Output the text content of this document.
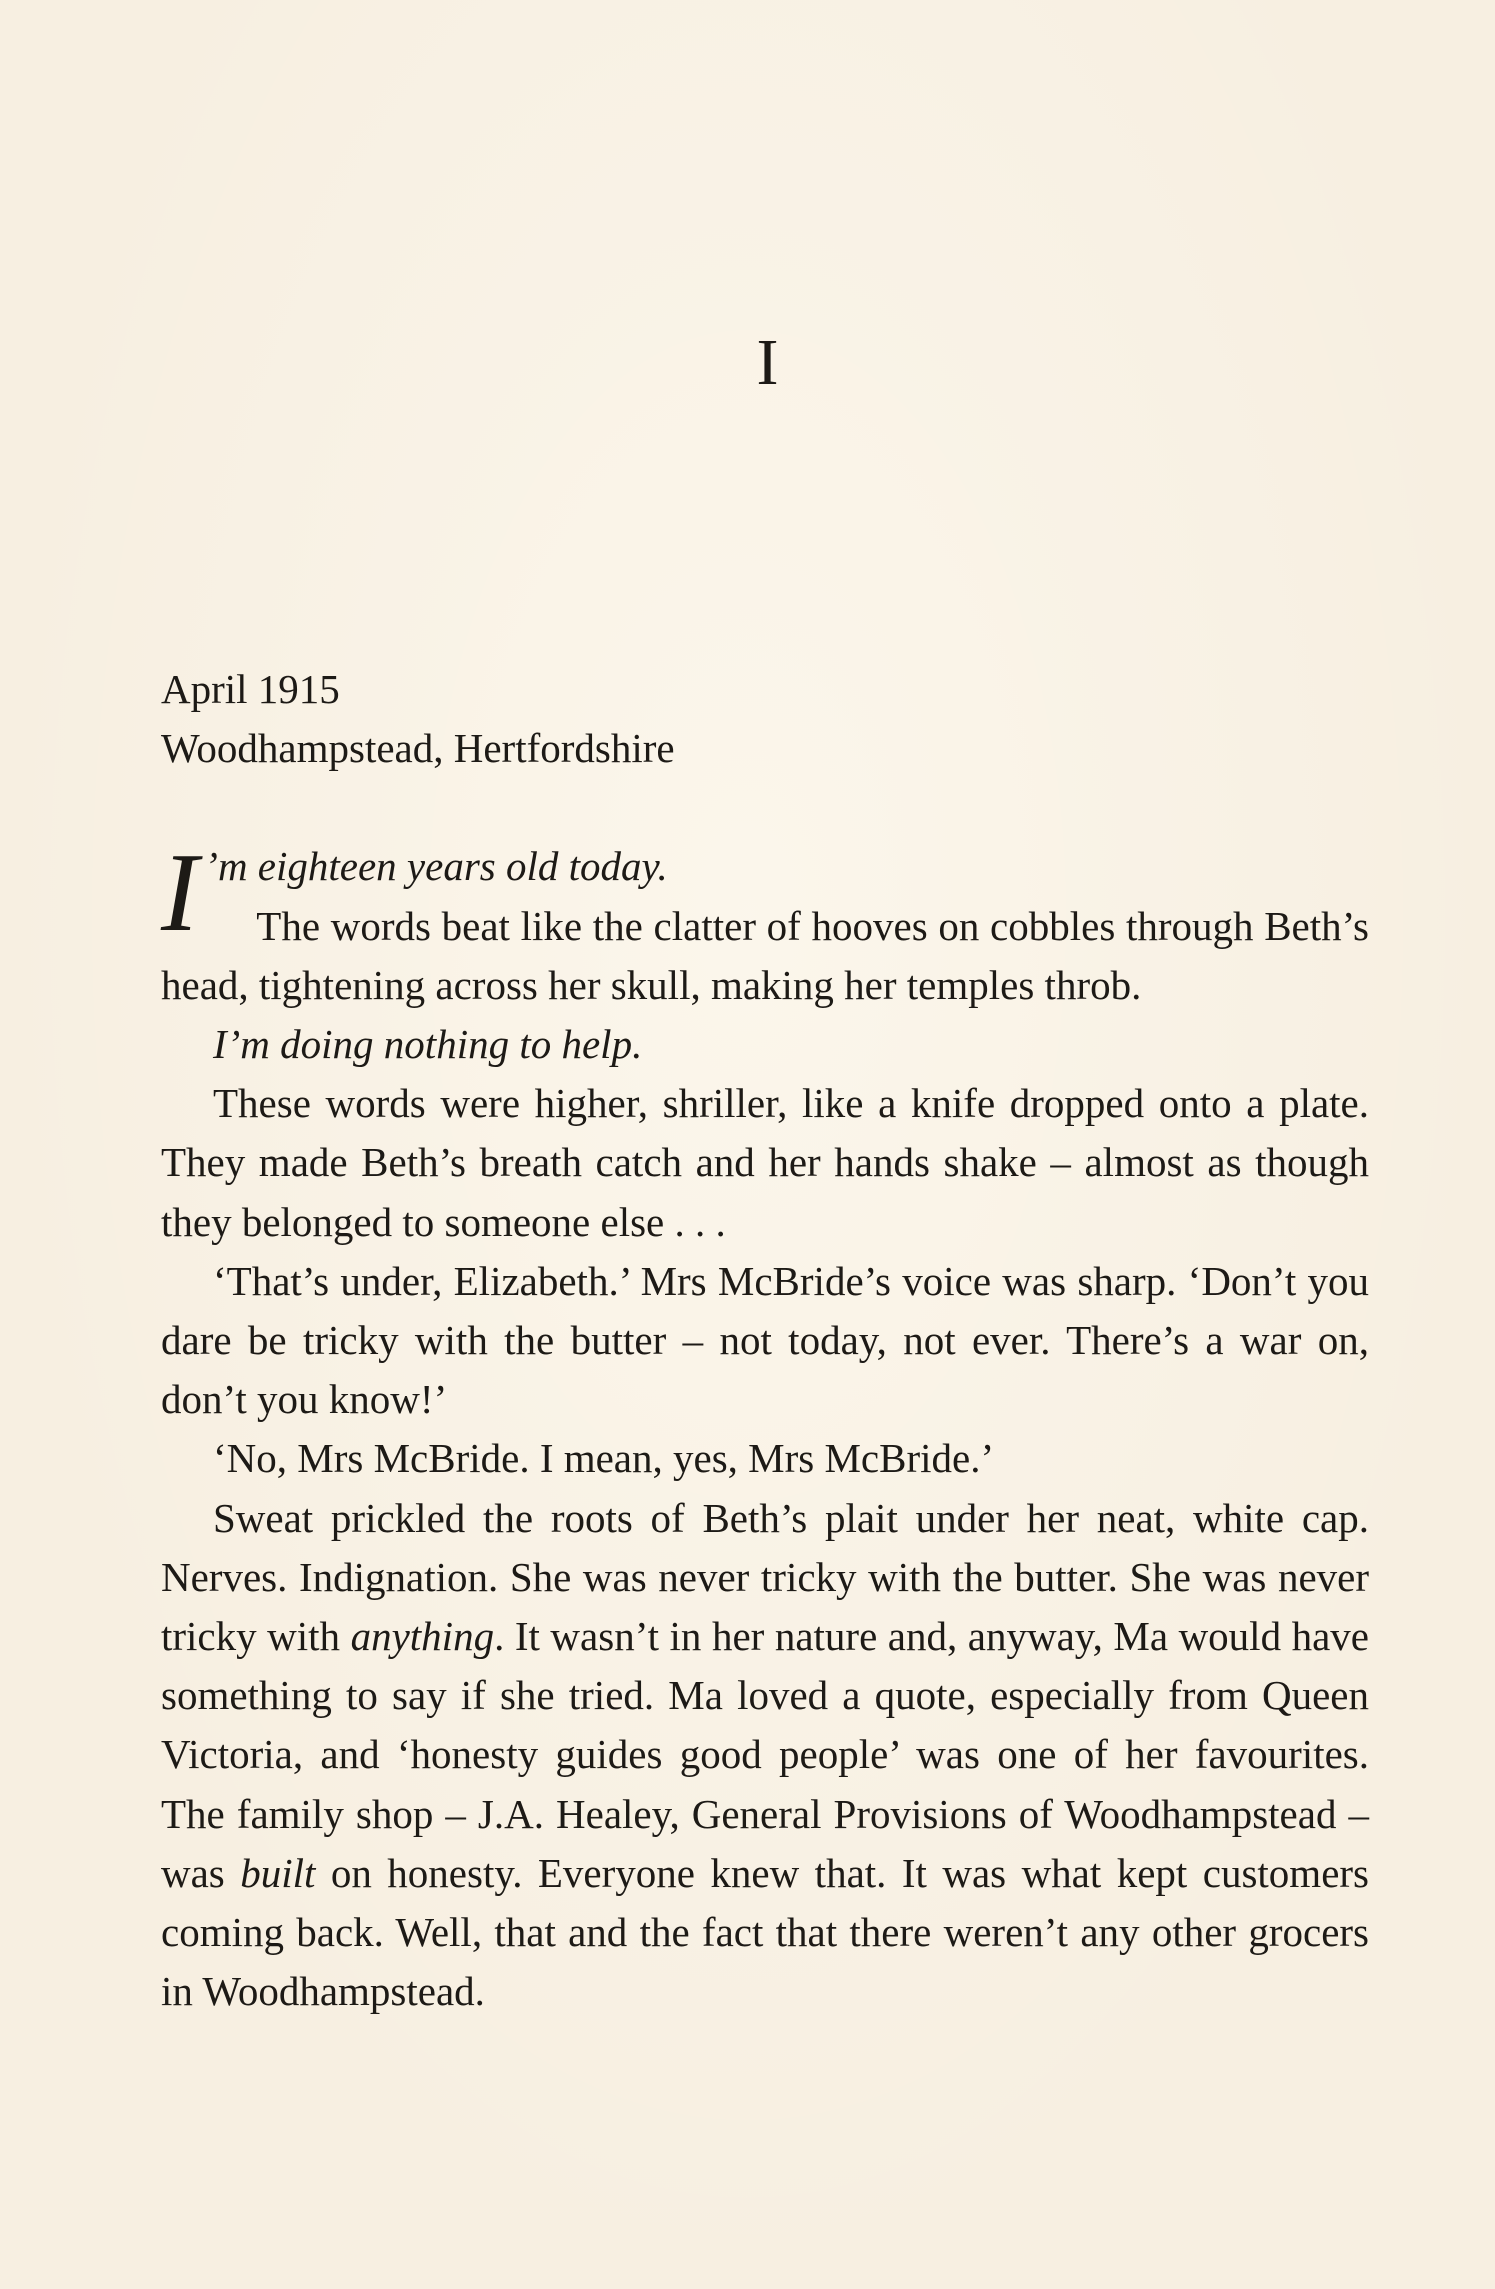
I

April 1915

Woodhampstead, Hertfordshire

I ’m eighteen years old today.
The words beat like the clatter of hooves on cobbles through Beth’s head, tightening across her skull, making her temples throb.

I’m doing nothing to help.

These words were higher, shriller, like a knife dropped onto a plate. They made Beth’s breath catch and her hands shake – almost as though they belonged to someone else . . .

‘That’s under, Elizabeth.’ Mrs McBride’s voice was sharp. ‘Don’t you dare be tricky with the butter – not today, not ever. There’s a war on, don’t you know!’

‘No, Mrs McBride. I mean, yes, Mrs McBride.’

Sweat prickled the roots of Beth’s plait under her neat, white cap. Nerves. Indignation. She was never tricky with the butter. She was never tricky with anything. It wasn’t in her nature and, anyway, Ma would have something to say if she tried. Ma loved a quote, especially from Queen Victoria, and ‘honesty guides good people’ was one of her favourites. The family shop – J.A. Healey, General Provisions of Woodhampstead – was built on honesty. Everyone knew that. It was what kept customers coming back. Well, that and the fact that there weren’t any other grocers in Woodhampstead.
